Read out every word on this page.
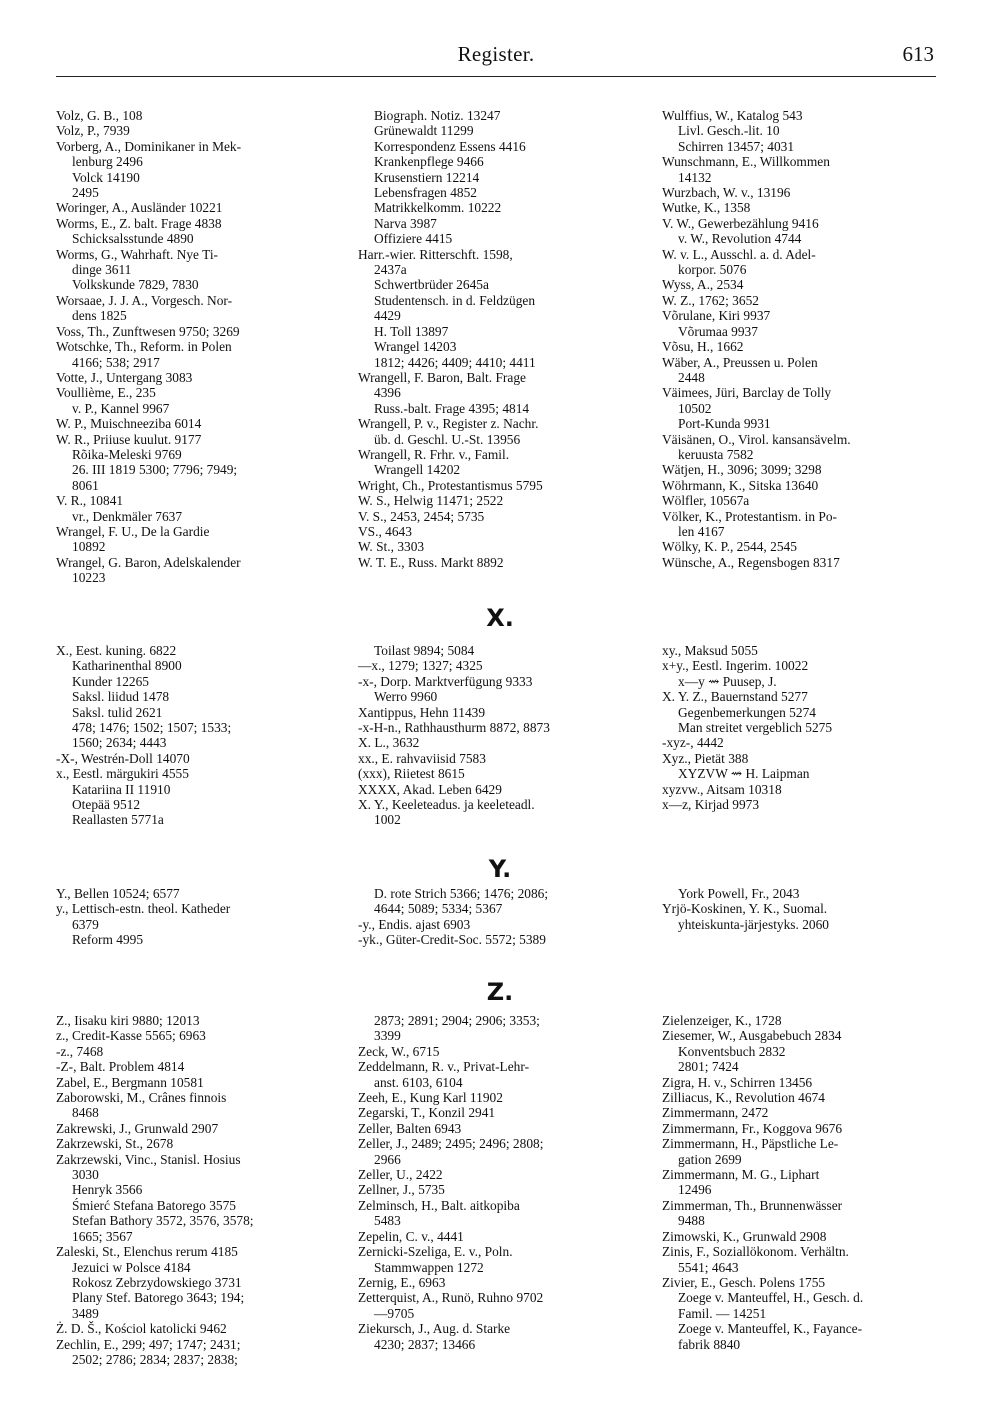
Register.	613
Volz, G. B., 108
Volz, P., 7939
Vorberg, A., Dominikaner in Mek-
lenburg 2496
Volck 14190
2495
Woringer, A., Ausländer 10221
Worms, E., Z. balt. Frage 4838
Schicksalsstunde 4890
Worms, G., Wahrhaft. Nye Ti-
dinge 3611
Volkskunde 7829, 7830
Worsaae, J. J. A., Vorgesch. Nor-
dens 1825
Voss, Th., Zunftwesen 9750; 3269
Wotschke, Th., Reform. in Polen
4166; 538; 2917
Votte, J., Untergang 3083
Voullième, E., 235
v. P., Kannel 9967
W. P., Muischneeziba 6014
W. R., Priiuse kuulut. 9177
Rõika-Meleski 9769
26. III 1819 5300; 7796; 7949;
8061
V. R., 10841
vr., Denkmäler 7637
Wrangel, F. U., De la Gardie
10892
Wrangel, G. Baron, Adelskalender
10223
Biograph. Notiz. 13247
Grünewaldt 11299
Korrespondenz Essens 4416
Krankenpflege 9466
Krusenstiern 12214
Lebensfragen 4852
Matrikkelkomm. 10222
Narva 3987
Offiziere 4415
Harr.-wier. Ritterschft. 1598,
2437a
Schwertbrüder 2645a
Studentensch. in d. Feldzügen
4429
H. Toll 13897
Wrangel 14203
1812; 4426; 4409; 4410; 4411
Wrangell, F. Baron, Balt. Frage
4396
Russ.-balt. Frage 4395; 4814
Wrangell, P. v., Register z. Nachr.
üb. d. Geschl. U.-St. 13956
Wrangell, R. Frhr. v., Famil.
Wrangell 14202
Wright, Ch., Protestantismus 5795
W. S., Helwig 11471; 2522
V. S., 2453, 2454; 5735
VS., 4643
W. St., 3303
W. T. E., Russ. Markt 8892
Wulffius, W., Katalog 543
Livl. Gesch.-lit. 10
Schirren 13457; 4031
Wunschmann, E., Willkommen
14132
Wurzbach, W. v., 13196
Wutke, K., 1358
V. W., Gewerbezählung 9416
v. W., Revolution 4744
W. v. L., Ausschl. a. d. Adel-
korpor. 5076
Wyss, A., 2534
W. Z., 1762; 3652
Võrulane, Kiri 9937
Võrumaa 9937
Võsu, H., 1662
Wäber, A., Preussen u. Polen
2448
Väimees, Jüri, Barclay de Tolly
10502
Port-Kunda 9931
Väisänen, O., Virol. kansansävelm.
keruusta 7582
Wätjen, H., 3096; 3099; 3298
Wöhrmann, K., Sitska 13640
Wölfler, 10567a
Völker, K., Protestantism. in Po-
len 4167
Wölky, K. P., 2544, 2545
Wünsche, A., Regensbogen 8317
X.
X., Eest. kuning. 6822
Katharinenthal 8900
Kunder 12265
Saksl. liidud 1478
Saksl. tulid 2621
478; 1476; 1502; 1507; 1533;
1560; 2634; 4443
-X-, Westrén-Doll 14070
x., Eestl. märgukiri 4555
Katariina II 11910
Otepää 9512
Reallasten 5771a
Toilast 9894; 5084
—x., 1279; 1327; 4325
-x-, Dorp. Marktverfügung 9333
Werro 9960
Xantippus, Hehn 11439
-x-H-n., Rathhausthurm 8872, 8873
X. L., 3632
xx., E. rahvaviisid 7583
(xxx), Riietest 8615
XXXX, Akad. Leben 6429
X. Y., Keeleteadus. ja keeleteadl.
1002
xy., Maksud 5055
x+y., Eestl. Ingerim. 10022
x—y ⇝ Puusep, J.
X. Y. Z., Bauernstand 5277
Gegenbemerkungen 5274
Man streitet vergeblich 5275
-xyz-, 4442
Xyz., Pietät 388
XYZVW ⇝ H. Laipman
xyzvw., Aitsam 10318
x—z, Kirjad 9973
Y.
Y., Bellen 10524; 6577
y., Lettisch-estn. theol. Katheder
6379
Reform 4995
D. rote Strich 5366; 1476; 2086;
4644; 5089; 5334; 5367
-y., Endis. ajast 6903
-yk., Güter-Credit-Soc. 5572; 5389
York Powell, Fr., 2043
Yrjö-Koskinen, Y. K., Suomal.
yhteiskunta-järjestyks. 2060
Z.
Z., Iisaku kiri 9880; 12013
z., Credit-Kasse 5565; 6963
-z., 7468
-Z-, Balt. Problem 4814
Zabel, E., Bergmann 10581
Zaborowski, M., Crânes finnois
8468
Zakrewski, J., Grunwald 2907
Zakrzewski, St., 2678
Zakrzewski, Vinc., Stanisl. Hosius
3030
Henryk 3566
Śmierć Stefana Batorego 3575
Stefan Bathory 3572, 3576, 3578;
1665; 3567
Zaleski, St., Elenchus rerum 4185
Jezuici w Polsce 4184
Rokosz Zebrzydowskiego 3731
Plany Stef. Batorego 3643; 194;
3489
Ż. D. Š., Kościol katolicki 9462
Zechlin, E., 299; 497; 1747; 2431;
2502; 2786; 2834; 2837; 2838;
2873; 2891; 2904; 2906; 3353;
3399
Zeck, W., 6715
Zeddelmann, R. v., Privat-Lehr-
anst. 6103, 6104
Zeeh, E., Kung Karl 11902
Zegarski, T., Konzil 2941
Zeller, Balten 6943
Zeller, J., 2489; 2495; 2496; 2808;
2966
Zeller, U., 2422
Zellner, J., 5735
Zelminsch, H., Balt. aitkopiba
5483
Zepelin, C. v., 4441
Zernicki-Szeliga, E. v., Poln.
Stammwappen 1272
Zernig, E., 6963
Zetterquist, A., Runö, Ruhno 9702
—9705
Ziekursch, J., Aug. d. Starke
4230; 2837; 13466
Zielenzeiger, K., 1728
Ziesemer, W., Ausgabebuch 2834
Konventsbuch 2832
2801; 7424
Zigra, H. v., Schirren 13456
Zilliacus, K., Revolution 4674
Zimmermann, 2472
Zimmermann, Fr., Koggova 9676
Zimmermann, H., Päpstliche Le-
gation 2699
Zimmermann, M. G., Liphart
12496
Zimmerman, Th., Brunnenwässer
9488
Zimowski, K., Grunwald 2908
Zinis, F., Soziallökonom. Verhältn.
5541; 4643
Zivier, E., Gesch. Polens 1755
Zoege v. Manteuffel, H., Gesch. d.
Famil. — 14251
Zoege v. Manteuffel, K., Fayance-
fabrik 8840
